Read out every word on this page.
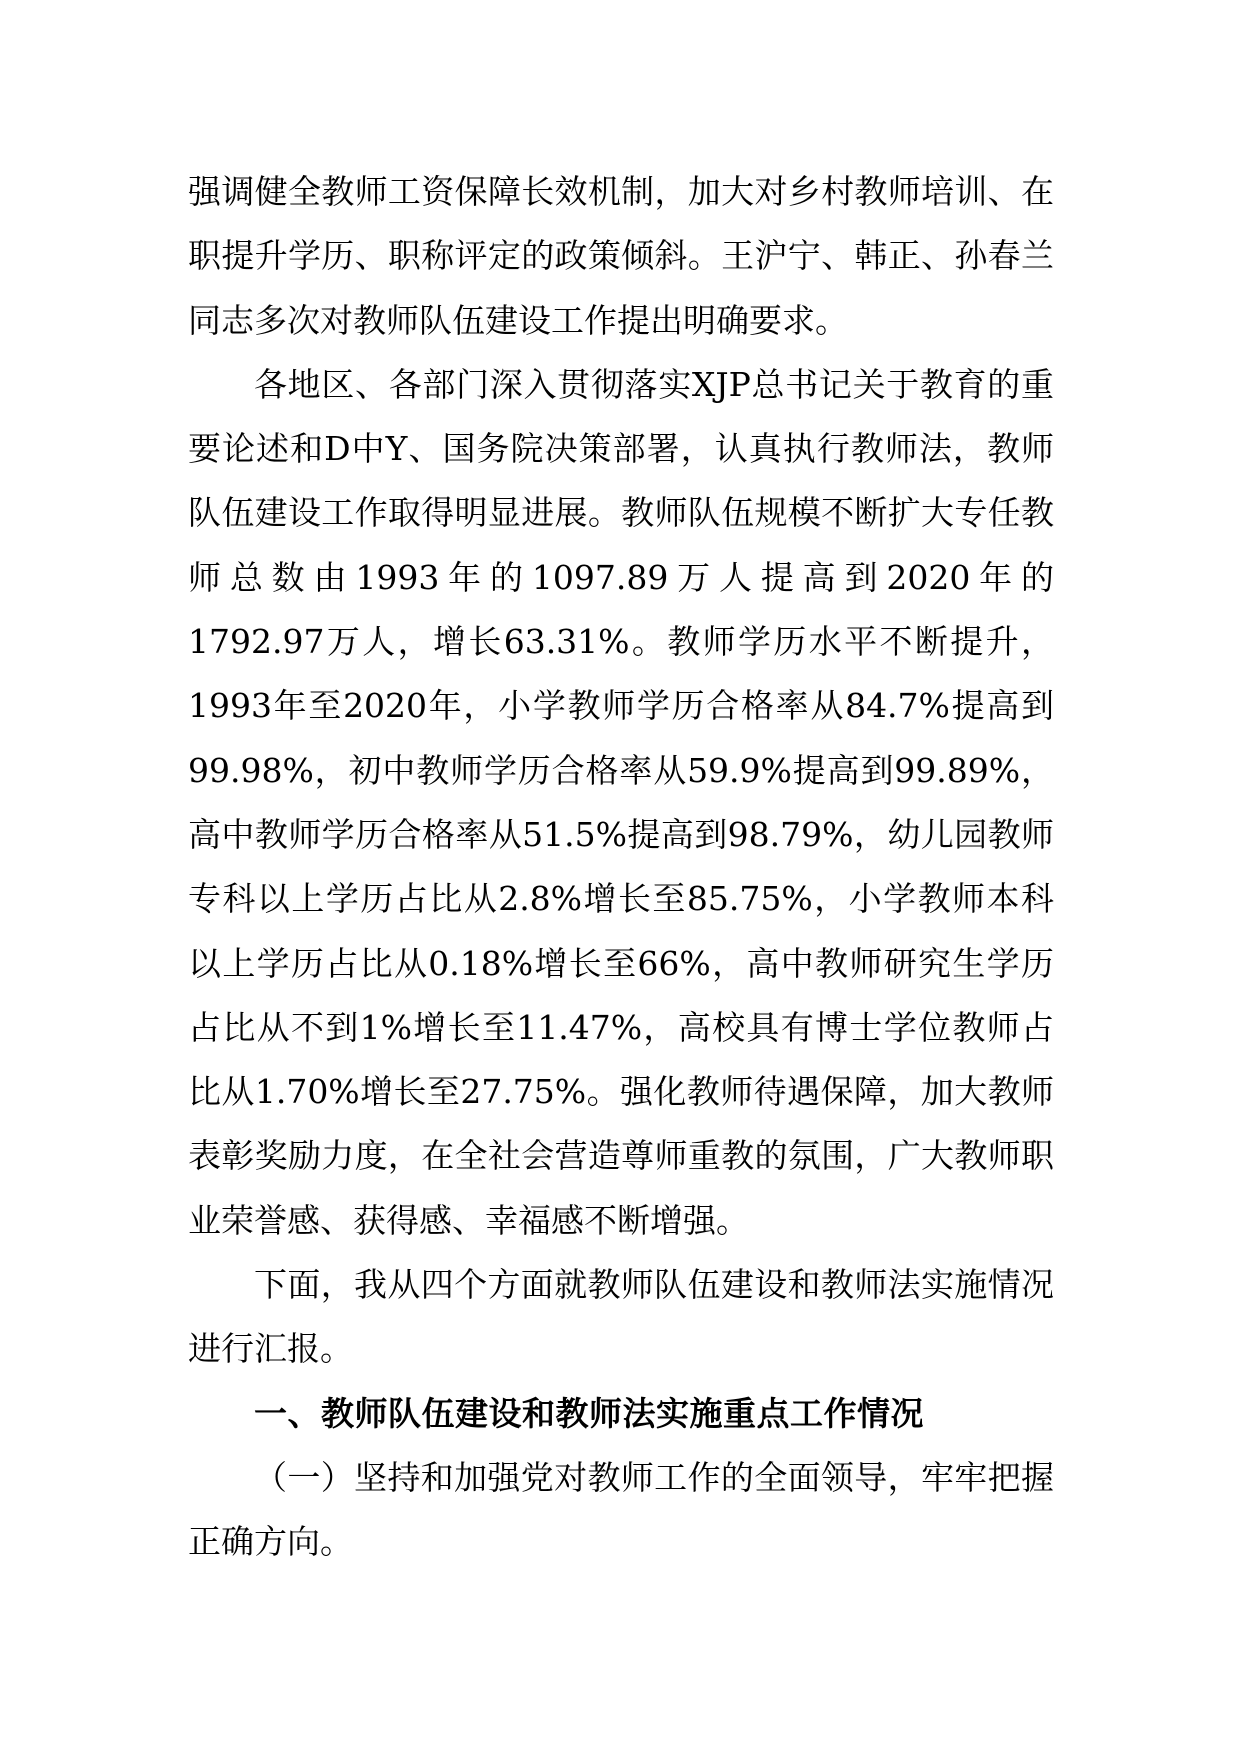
强调健全教师工资保障长效机制，加大对乡村教师培训、在职提升学历、职称评定的政策倾斜。王沪宁、韩正、孙春兰同志多次对教师队伍建设工作提出明确要求。

各地区、各部门深入贯彻落实XJP总书记关于教育的重要论述和D中Y、国务院决策部署，认真执行教师法，教师队伍建设工作取得明显进展。教师队伍规模不断扩大专任教师总数由1993年的1097.89万人提高到2020年的1792.97万人，增长63.31%。教师学历水平不断提升，1993年至2020年，小学教师学历合格率从84.7%提高到99.98%，初中教师学历合格率从59.9%提高到99.89%，高中教师学历合格率从51.5%提高到98.79%，幼儿园教师专科以上学历占比从2.8%增长至85.75%，小学教师本科以上学历占比从0.18%增长至66%，高中教师研究生学历占比从不到1%增长至11.47%，高校具有博士学位教师占比从1.70%增长至27.75%。强化教师待遇保障，加大教师表彰奖励力度，在全社会营造尊师重教的氛围，广大教师职业荣誉感、获得感、幸福感不断增强。

下面，我从四个方面就教师队伍建设和教师法实施情况进行汇报。

一、教师队伍建设和教师法实施重点工作情况

（一）坚持和加强党对教师工作的全面领导，牢牢把握正确方向。
